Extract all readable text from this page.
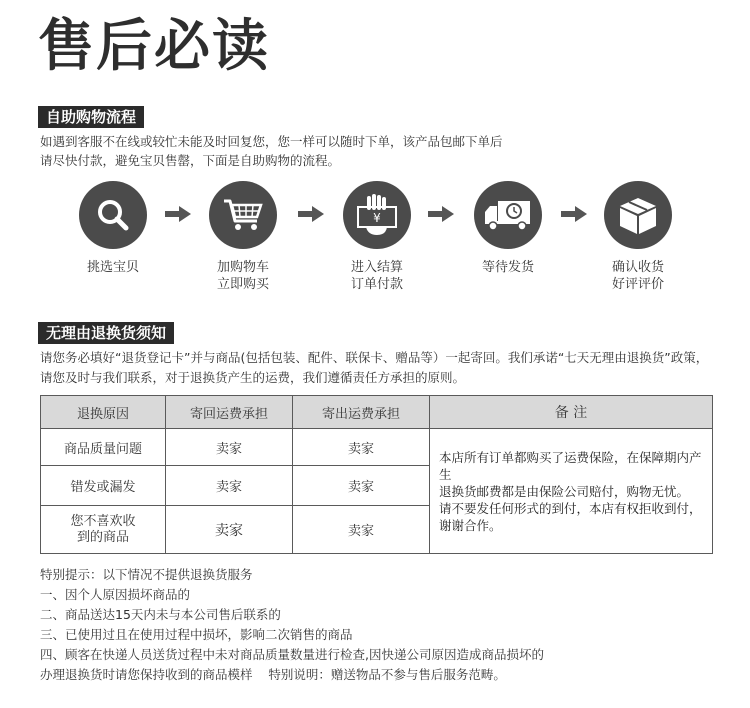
售后必读
自助购物流程
如遇到客服不在线或较忙未能及时回复您，您一样可以随时下单，该产品包邮下单后
请尽快付款，避免宝贝售罄，下面是自助购物的流程。
挑选宝贝	加购物车
立即购买
¥
进入结算
订单付款
等待发货	确认收货
好评评价
无理由退换货须知
请您务必填好“退货登记卡”并与商品(包括包装、配件、联保卡、赠品等）一起寄回。我们承诺“七天无理由退换货”政策，
请您及时与我们联系，对于退换货产生的运费，我们遵循责任方承担的原则。
退换原因	寄回运费承担	寄出运费承担	备 注
商品质量问题	卖家	卖家	本店所有订单都购买了运费保险，在保障期内产生
退换货邮费都是由保险公司赔付，购物无忧。
请不要发任何形式的到付，本店有权拒收到付，
谢谢合作。

错发或漏发	卖家	卖家	

您不喜欢收
到的商品	卖家	卖家	
特别提示：以下情况不提供退换货服务
一、因个人原因损坏商品的
二、商品送达15天内未与本公司售后联系的
三、已使用过且在使用过程中损坏，影响二次销售的商品
四、顾客在快递人员送货过程中未对商品质量数量进行检查,因快递公司原因造成商品损坏的
办理退换货时请您保持收到的商品模样    特别说明：赠送物品不参与售后服务范畴。
